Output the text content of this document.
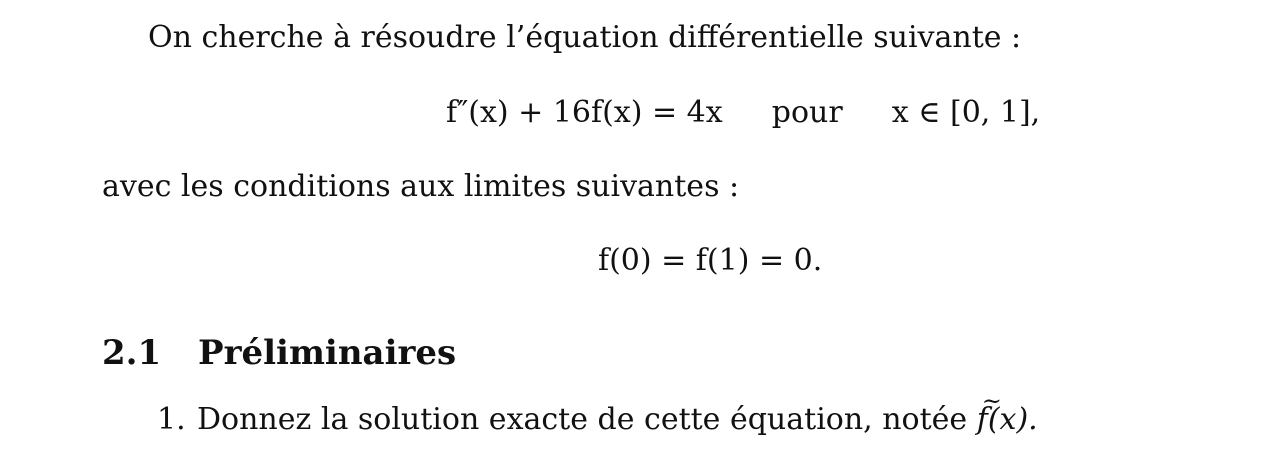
On cherche à résoudre l’équation différentielle suivante :
f″(x) + 16f(x) = 4x pour x ∈ [0, 1],
avec les conditions aux limites suivantes :
f(0) = f(1) = 0.
2.1 Préliminaires
1. Donnez la solution exacte de cette équation, notée ~ f(x).
